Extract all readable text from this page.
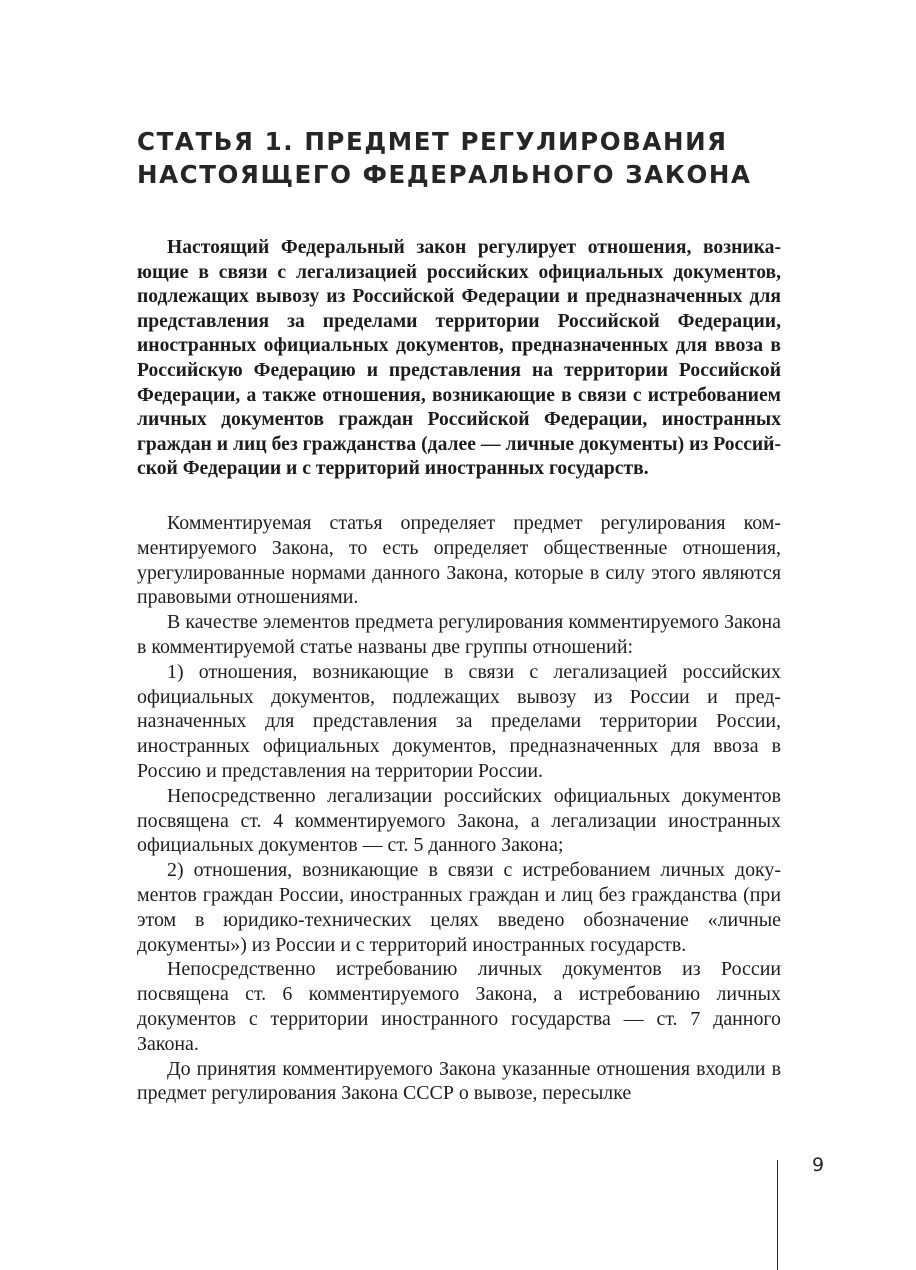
СТАТЬЯ 1. ПРЕДМЕТ РЕГУЛИРОВАНИЯ
НАСТОЯЩЕГО ФЕДЕРАЛЬНОГО ЗАКОНА

Настоящий Федеральный закон регулирует отношения, возникающие в связи с легализацией российских официальных документов, подлежащих вывозу из Российской Федерации и предназначенных для представления за пределами территории Российской Федерации, иностранных официальных документов, предназначенных для ввоза в Российскую Федерацию и представления на территории Российской Федерации, а также отношения, возникающие в связи с истребованием личных документов граждан Российской Федерации, иностранных граждан и лиц без гражданства (далее — личные документы) из Российской Федерации и с территорий иностранных государств.

Комментируемая статья определяет предмет регулирования комментируемого Закона, то есть определяет общественные отношения, урегулированные нормами данного Закона, которые в силу этого являются правовыми отношениями.

В качестве элементов предмета регулирования комментируемого Закона в комментируемой статье названы две группы отношений:

1) отношения, возникающие в связи с легализацией российских официальных документов, подлежащих вывозу из России и предназначенных для представления за пределами территории России, иностранных официальных документов, предназначенных для ввоза в Россию и представления на территории России.

Непосредственно легализации российских официальных документов посвящена ст. 4 комментируемого Закона, а легализации иностранных официальных документов — ст. 5 данного Закона;

2) отношения, возникающие в связи с истребованием личных документов граждан России, иностранных граждан и лиц без гражданства (при этом в юридико-технических целях введено обозначение «личные документы») из России и с территорий иностранных государств.

Непосредственно истребованию личных документов из России посвящена ст. 6 комментируемого Закона, а истребованию личных документов с территории иностранного государства — ст. 7 данного Закона.

До принятия комментируемого Закона указанные отношения входили в предмет регулирования Закона СССР о вывозе, пересылке

9
